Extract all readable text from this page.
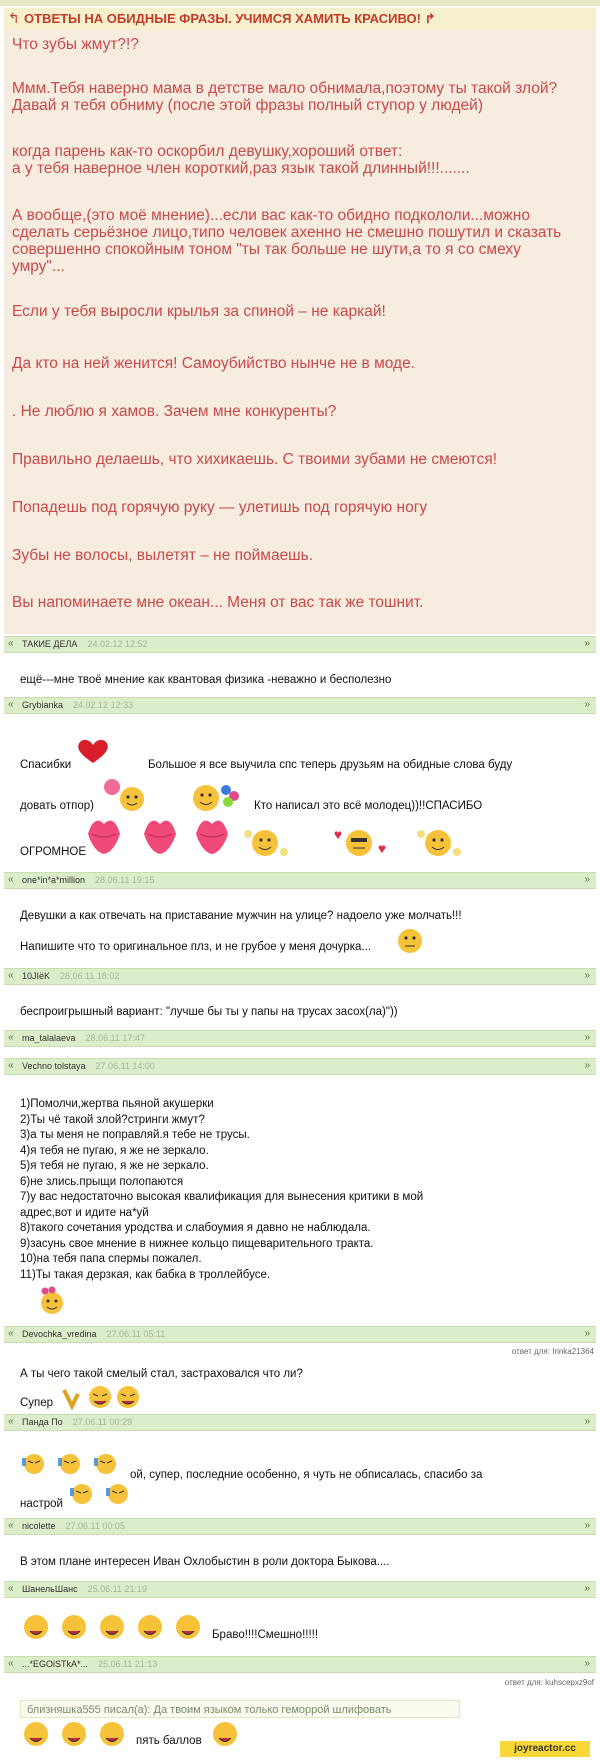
↰ ОТВЕТЫ НА ОБИДНЫЕ ФРАЗЫ. УЧИМСЯ ХАМИТЬ КРАСИВО! ↱

Что зубы жмут?!?

Ммм.Тебя наверно мама в детстве мало обнимала,поэтому ты такой злой?
Давай я тебя обниму (после этой фразы полный ступор у людей)

когда парень как-то оскорбил девушку,хороший ответ:
а у тебя наверное член короткий,раз язык такой длинный!!!.......

А вообще,(это моё мнение)...если вас как-то обидно подкололи...можно
сделать серьёзное лицо,типо человек ахенно не смешно пошутил и сказать
совершенно спокойным тоном "ты так больше не шути,а то я со смеху
умру"...

Если у тебя выросли крылья за спиной – не каркай!

Да кто на ней женится! Самоубийство нынче не в моде.

. Не люблю я хамов. Зачем мне конкуренты?

Правильно делаешь, что хихикаешь. С твоими зубами не смеются!

Попадешь под горячую руку — улетишь под горячую ногу

Зубы не волосы, вылетят – не поймаешь.

Вы напоминаете мне океан... Меня от вас так же тошнит.

« ТАКИЕ ДЕЛА 24.02.12 12:52	»
ещё---мне твоё мнение как квантовая физика -неважно и бесполезно
« Grybianka 24.02.12 12:33	»
Спасибки	Большое я все выучила спс теперь друзьям на обидные слова буду
довать отпор)	Кто написал это всё молодец))!!СПАСИБО
ОГРОМНОЕ
« one*in*a*million 28.06.11 19:15	»
Девушки а как отвечать на приставание мужчин на улице? надоело уже молчать!!!
Напишите что то оригинальное плз, и не грубое у меня дочурка...
« 10JIëK 28.06.11 18:02	»
беспроигрышный вариант: "лучше бы ты у папы на трусах засох(ла)"))
« ma_talalaeva 28.06.11 17:47	»
« Vechno tolstaya 27.06.11 14:00	»
1)Помолчи,жертва пьяной акушерки
2)Ты чё такой злой?стринги жмут?
3)а ты меня не поправляй.я тебе не трусы.
4)я тебя не пугаю, я же не зеркало.
5)я тебя не пугаю, я же не зеркало.
6)не злись.прыщи полопаются
7)у вас недостаточно высокая квалификация для вынесения критики в мой
адрес,вот и идите на*уй
8)такого сочетания уродства и слабоумия я давно не наблюдала.
9)засунь свое мнение в нижнее кольцо пищеварительного тракта.
10)на тебя папа спермы пожалел.
11)Ты такая дерзкая, как бабка в троллейбусе.
« Devochka_vredina 27.06.11 05:11	»
ответ для: Irinka21364
А ты чего такой смелый стал, застраховался что ли?
Супер
« Панда По 27.06.11 00:29	»
ой, супер, последние особенно, я чуть не обписалась, спасибо за
настрой
« nicolette 27.06.11 00:05	»
В этом плане интересен Иван Охлобыстин в роли доктора Быкова....
« ШанельШанс 25.06.11 21:19	»
Браво!!!!Смешно!!!!!
« ...*EGOiSTkA*... 25.06.11 21:13	»
ответ для: kuhscepxz9of
близняшка555 писал(а): Да твоим языком только геморрой шлифовать
пять баллов
joyreactor.cc
